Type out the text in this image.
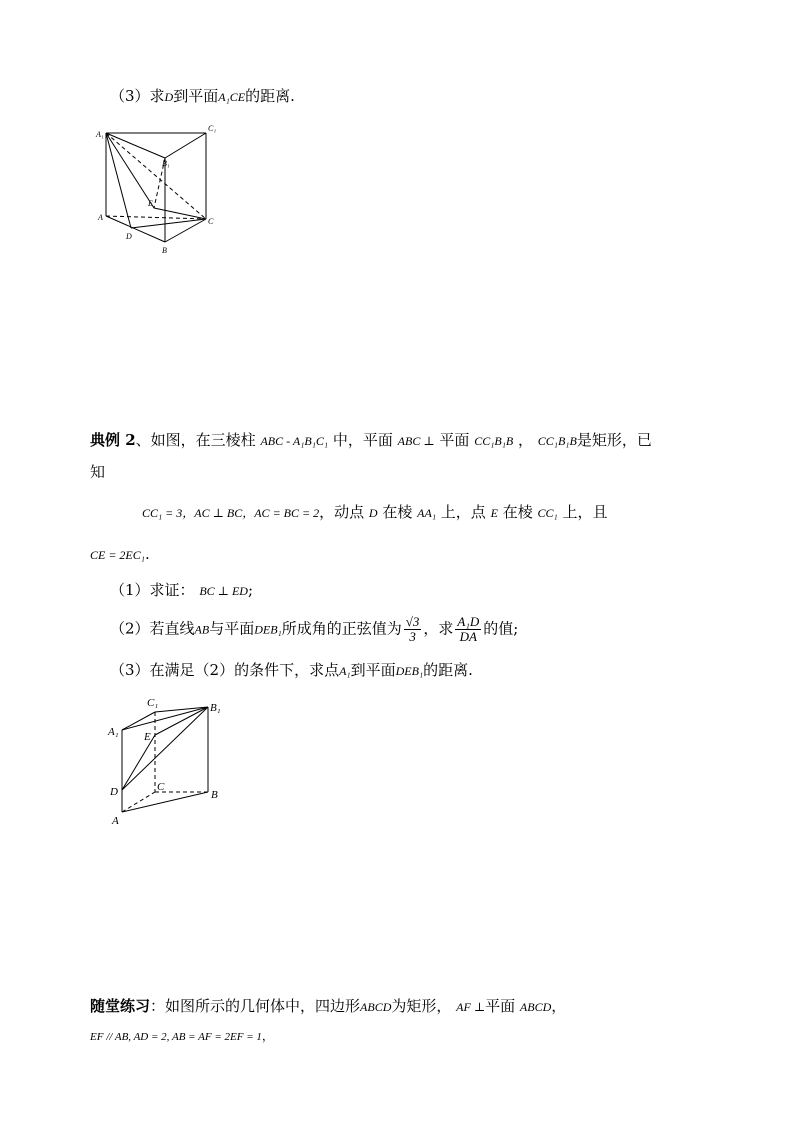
（3）求D到平面A₁CE的距离.
A₁
C₁
B₁
E
A	C
D
B
典例 2、如图，在三棱柱 ABC - A₁B₁C₁ 中，平面 ABC ⊥ 平面 CC₁B₁B ， CC₁B₁B是矩形，已
知
CC₁ = 3，AC ⊥ BC，AC = BC = 2，动点 D 在棱 AA₁ 上，点 E 在棱 CC₁ 上，且
CE = 2EC₁.
（1）求证： BC ⊥ ED;
（2）若直线AB与平面DEB₁所成角的正弦值为 $\frac{√3}{3}$ ，求 $\frac{\text{A₁D}}{DA}$ 的值;
（3）在满足（2）的条件下，求点A₁到平面DEB₁的距离.
C₁	B₁
A₁ E
D	C
B
A
随堂练习：如图所示的几何体中，四边形ABCD为矩形， AF ⊥平面 ABCD，
EF // AB, AD = 2, AB = AF = 2EF = 1，
